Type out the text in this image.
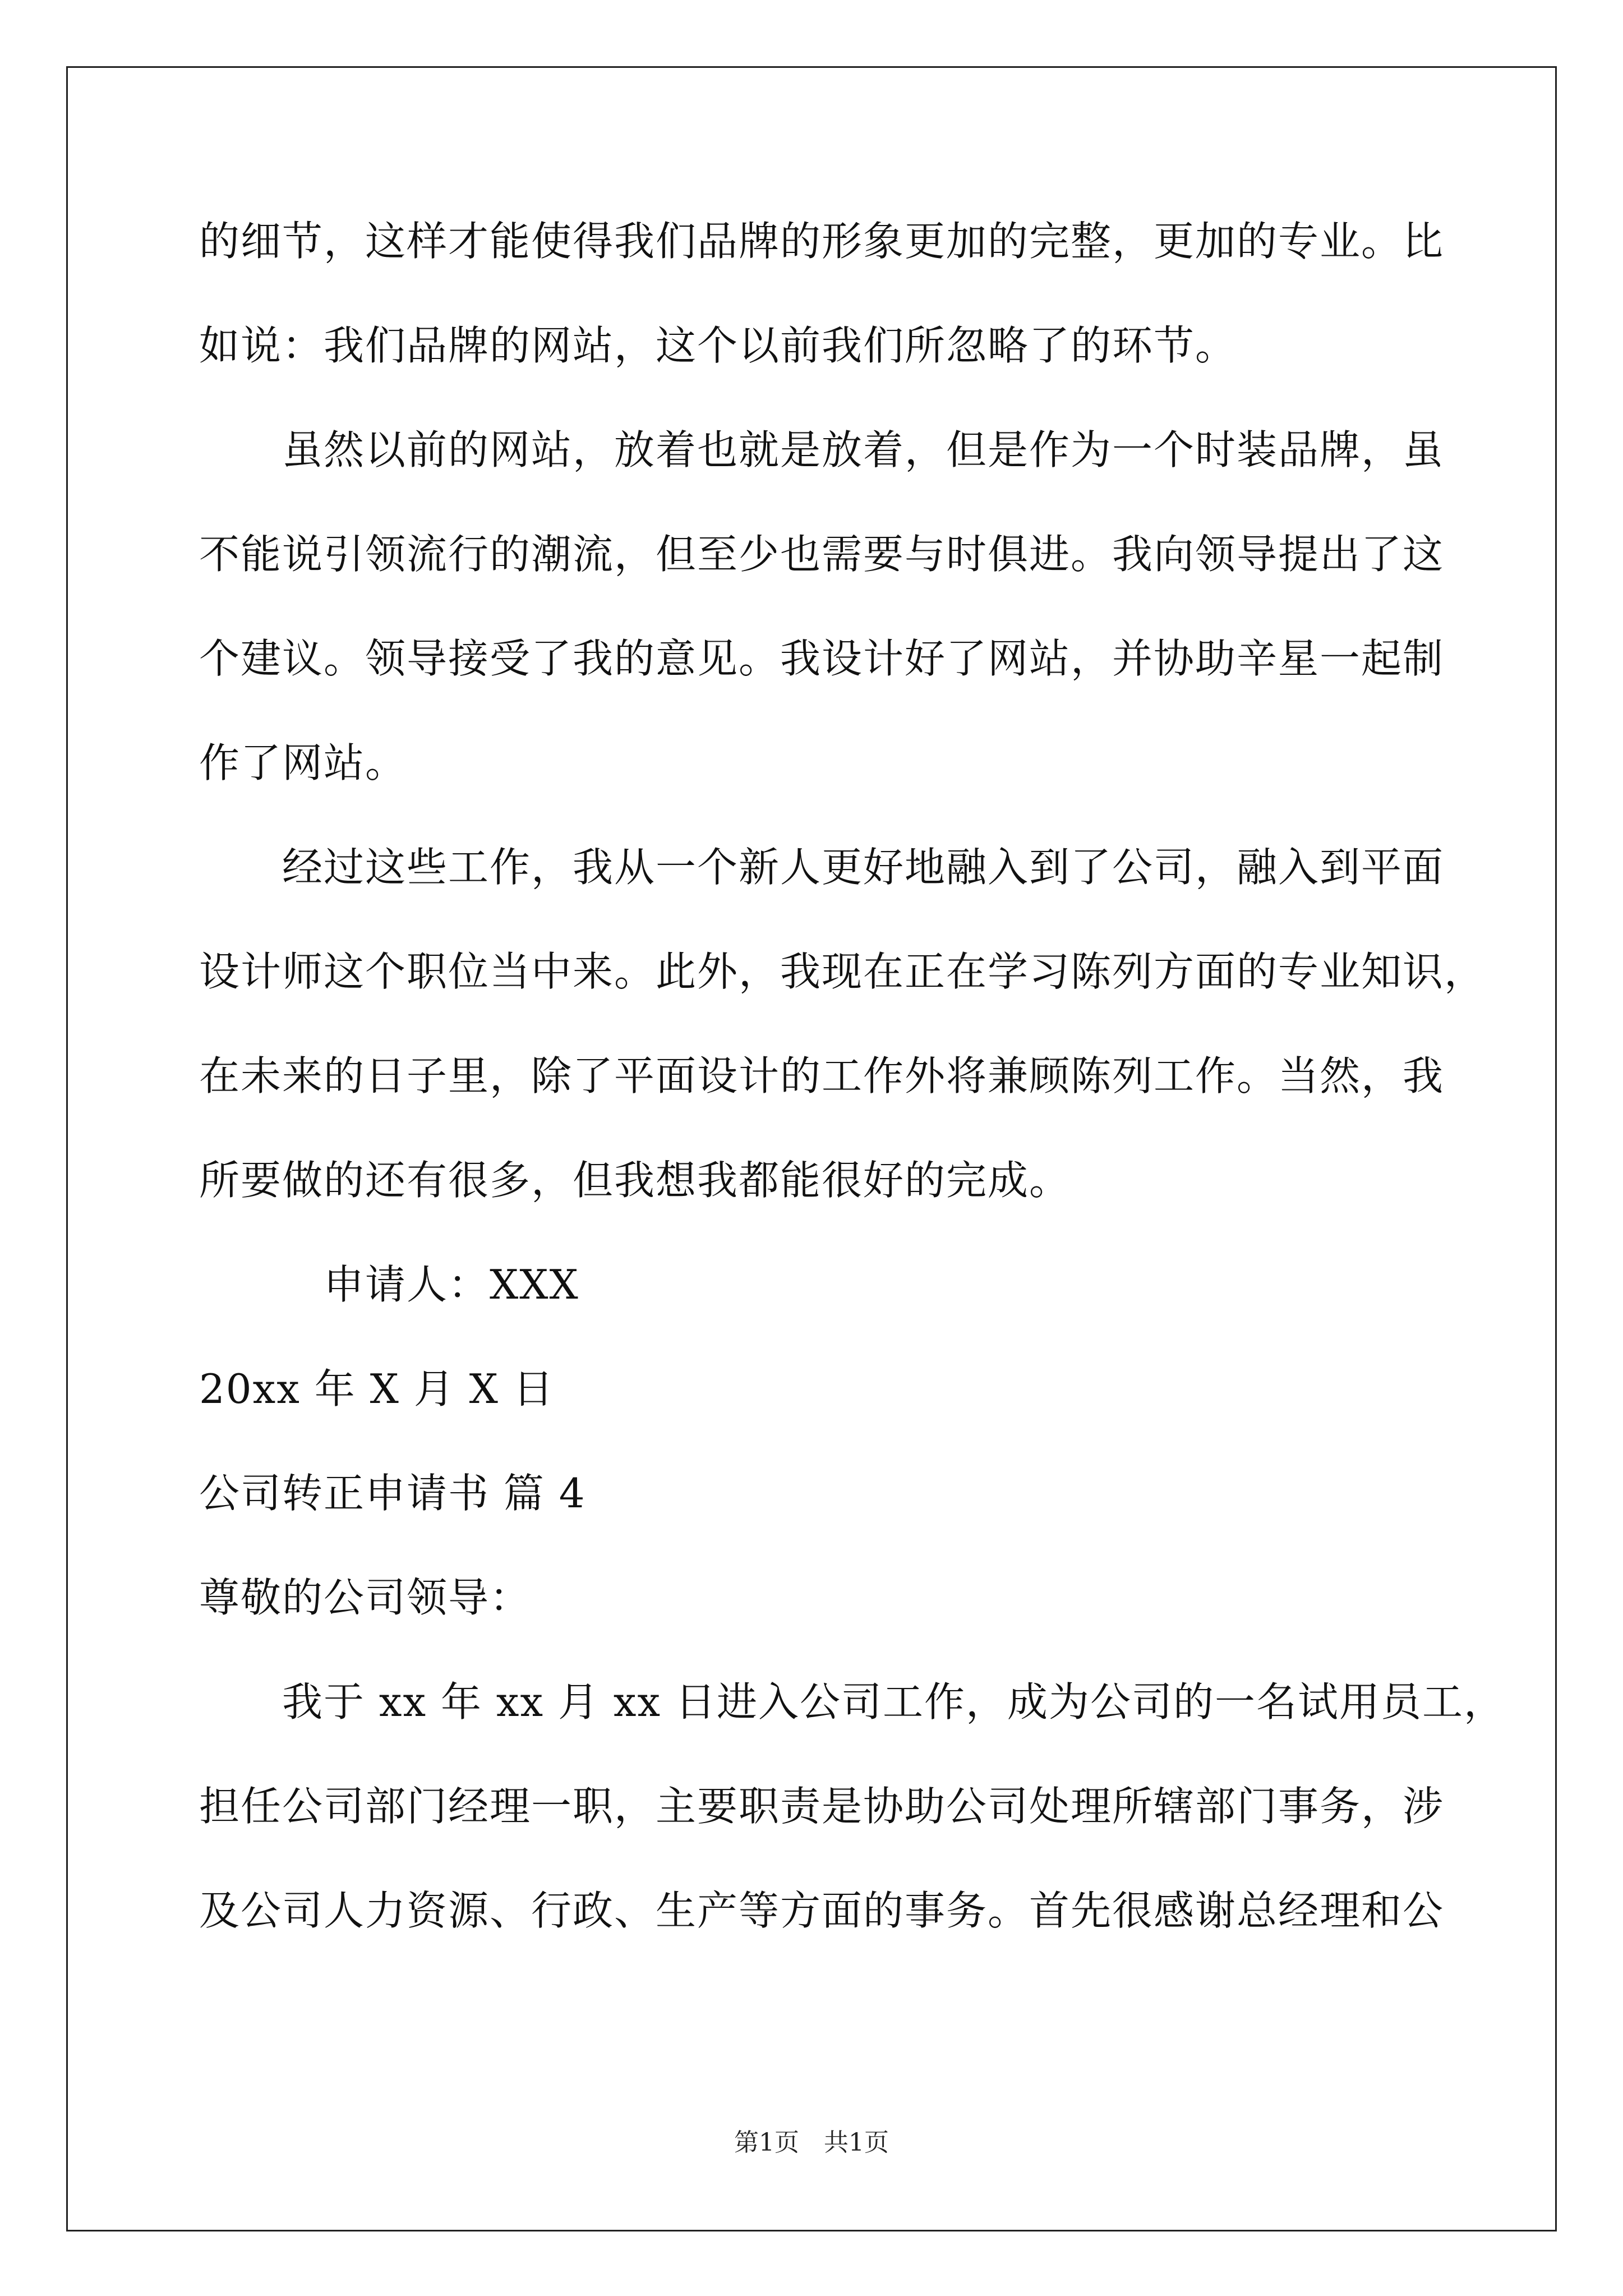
的细节，这样才能使得我们品牌的形象更加的完整，更加的专业。比
如说：我们品牌的网站，这个以前我们所忽略了的环节。
　　虽然以前的网站，放着也就是放着，但是作为一个时装品牌，虽
不能说引领流行的潮流，但至少也需要与时俱进。我向领导提出了这
个建议。领导接受了我的意见。我设计好了网站，并协助辛星一起制
作了网站。
　　经过这些工作，我从一个新人更好地融入到了公司，融入到平面
设计师这个职位当中来。此外，我现在正在学习陈列方面的专业知识，
在未来的日子里，除了平面设计的工作外将兼顾陈列工作。当然，我
所要做的还有很多，但我想我都能很好的完成。
　　　申请人：XXX
20xx 年 X 月 X 日
公司转正申请书 篇 4
尊敬的公司领导：
　　我于 xx 年 xx 月 xx 日进入公司工作，成为公司的一名试用员工，
担任公司部门经理一职，主要职责是协助公司处理所辖部门事务，涉
及公司人力资源、行政、生产等方面的事务。首先很感谢总经理和公
第1页　共1页
